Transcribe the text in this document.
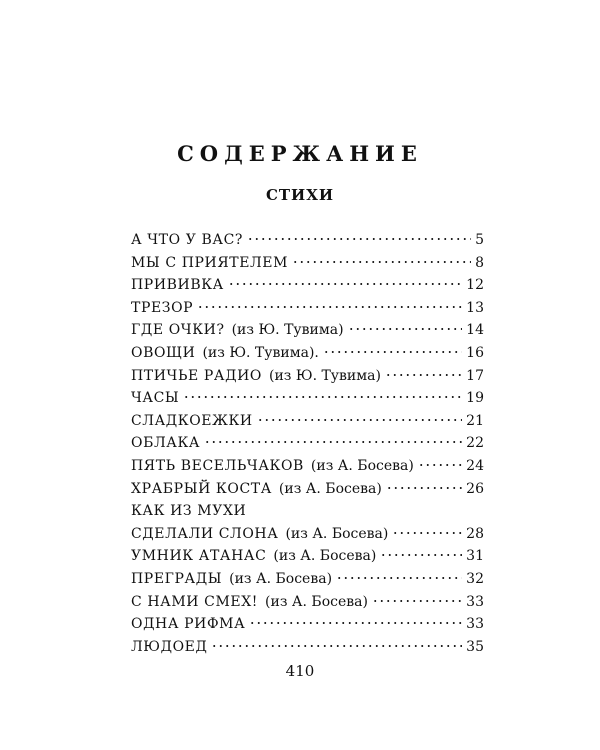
СОДЕРЖАНИЕ
СТИХИ
А ЧТО У ВАС?	5
МЫ С ПРИЯТЕЛЕМ	8
ПРИВИВКА	12
ТРЕЗОР	13
ГДЕ ОЧКИ? (из Ю. Тувима)	14
ОВОЩИ (из Ю. Тувима).	16
ПТИЧЬЕ РАДИО (из Ю. Тувима)	17
ЧАСЫ	19
СЛАДКОЕЖКИ	21
ОБЛАКА	22
ПЯТЬ ВЕСЕЛЬЧАКОВ (из А. Босева)	24
ХРАБРЫЙ КОСТА (из А. Босева)	26
КАК ИЗ МУХИ
СДЕЛАЛИ СЛОНА (из А. Босева)	28
УМНИК АТАНАС (из А. Босева)	31
ПРЕГРАДЫ (из А. Босева)	32
С НАМИ СМЕХ! (из А. Босева)	33
ОДНА РИФМА	33
ЛЮДОЕД	35
410
